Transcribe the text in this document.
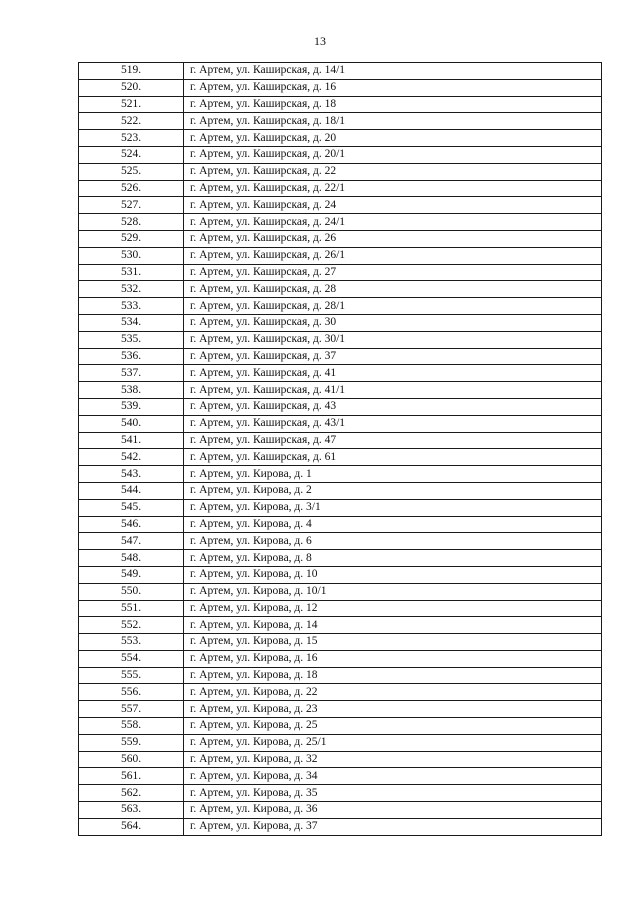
13
519.	г. Артем, ул. Каширская, д. 14/1
520.	г. Артем, ул. Каширская, д. 16
521.	г. Артем, ул. Каширская, д. 18
522.	г. Артем, ул. Каширская, д. 18/1
523.	г. Артем, ул. Каширская, д. 20
524.	г. Артем, ул. Каширская, д. 20/1
525.	г. Артем, ул. Каширская, д. 22
526.	г. Артем, ул. Каширская, д. 22/1
527.	г. Артем, ул. Каширская, д. 24
528.	г. Артем, ул. Каширская, д. 24/1
529.	г. Артем, ул. Каширская, д. 26
530.	г. Артем, ул. Каширская, д. 26/1
531.	г. Артем, ул. Каширская, д. 27
532.	г. Артем, ул. Каширская, д. 28
533.	г. Артем, ул. Каширская, д. 28/1
534.	г. Артем, ул. Каширская, д. 30
535.	г. Артем, ул. Каширская, д. 30/1
536.	г. Артем, ул. Каширская, д. 37
537.	г. Артем, ул. Каширская, д. 41
538.	г. Артем, ул. Каширская, д. 41/1
539.	г. Артем, ул. Каширская, д. 43
540.	г. Артем, ул. Каширская, д. 43/1
541.	г. Артем, ул. Каширская, д. 47
542.	г. Артем, ул. Каширская, д. 61
543.	г. Артем, ул. Кирова, д. 1
544.	г. Артем, ул. Кирова, д. 2
545.	г. Артем, ул. Кирова, д. 3/1
546.	г. Артем, ул. Кирова, д. 4
547.	г. Артем, ул. Кирова, д. 6
548.	г. Артем, ул. Кирова, д. 8
549.	г. Артем, ул. Кирова, д. 10
550.	г. Артем, ул. Кирова, д. 10/1
551.	г. Артем, ул. Кирова, д. 12
552.	г. Артем, ул. Кирова, д. 14
553.	г. Артем, ул. Кирова, д. 15
554.	г. Артем, ул. Кирова, д. 16
555.	г. Артем, ул. Кирова, д. 18
556.	г. Артем, ул. Кирова, д. 22
557.	г. Артем, ул. Кирова, д. 23
558.	г. Артем, ул. Кирова, д. 25
559.	г. Артем, ул. Кирова, д. 25/1
560.	г. Артем, ул. Кирова, д. 32
561.	г. Артем, ул. Кирова, д. 34
562.	г. Артем, ул. Кирова, д. 35
563.	г. Артем, ул. Кирова, д. 36
564.	г. Артем, ул. Кирова, д. 37
